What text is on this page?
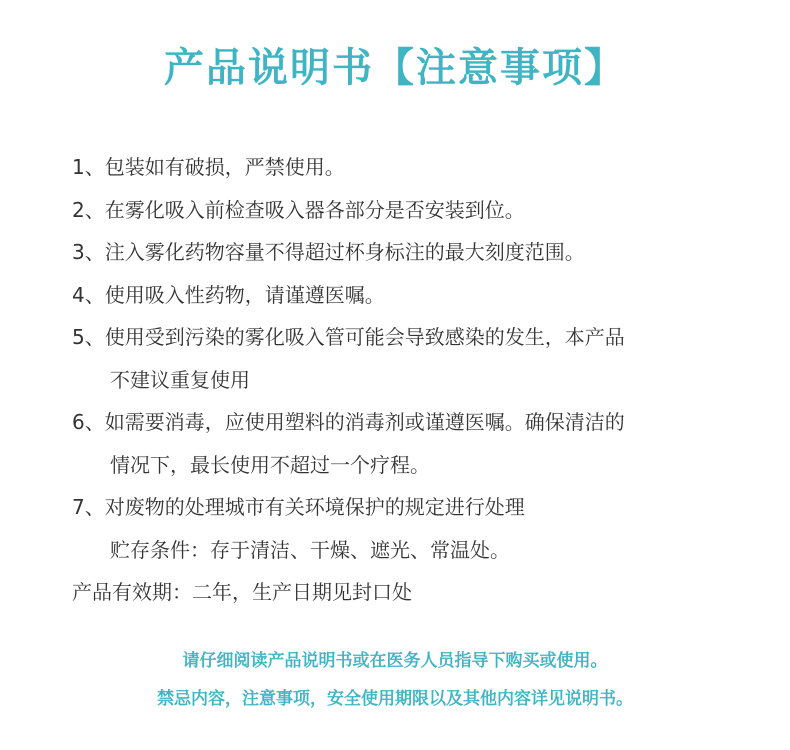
产品说明书【注意事项】
1、包装如有破损，严禁使用。
2、在雾化吸入前检查吸入器各部分是否安装到位。
3、注入雾化药物容量不得超过杯身标注的最大刻度范围。
4、使用吸入性药物，请谨遵医嘱。
5、使用受到污染的雾化吸入管可能会导致感染的发生，本产品
不建议重复使用
6、如需要消毒，应使用塑料的消毒剂或谨遵医嘱。确保清洁的
情况下，最长使用不超过一个疗程。
7、对废物的处理城市有关环境保护的规定进行处理
贮存条件：存于清洁、干燥、遮光、常温处。
产品有效期：二年，生产日期见封口处
请仔细阅读产品说明书或在医务人员指导下购买或使用。
禁忌内容，注意事项，安全使用期限以及其他内容详见说明书。
